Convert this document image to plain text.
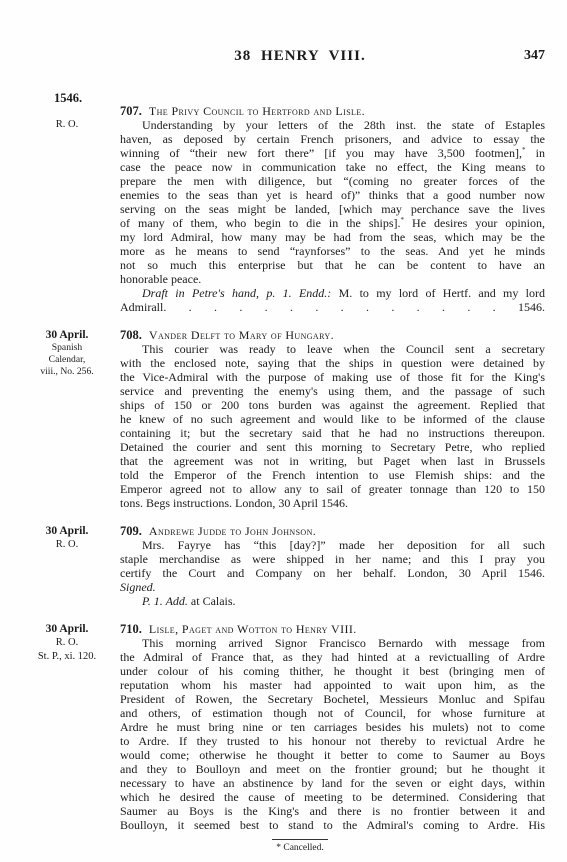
38 HENRY VIII.	347
1546.
R. O.
707. The Privy Council to Hertford and Lisle.
Understanding by your letters of the 28th inst. the state of Estaples
haven, as deposed by certain French prisoners, and advice to essay the
winning of “their new fort there” [if you may have 3,500 footmen],* in
case the peace now in communication take no effect, the King means to
prepare the men with diligence, but “(coming no greater forces of the
enemies to the seas than yet is heard of)” thinks that a good number now
serving on the seas might be landed, [which may perchance save the lives
of many of them, who begin to die in the ships].* He desires your opinion,
my lord Admiral, how many may be had from the seas, which may be the
more as he means to send “raynforses” to the seas. And yet he minds
not so much this enterprise but that he can be content to have an
honorable peace.
Draft in Petre's hand, p. 1. Endd.: M. to my lord of Hertf. and my lord
Admirall. . . . . . . . . . . . . . 1546.
30 April.
Spanish
Calendar,
viii., No. 256.
708. Vander Delft to Mary of Hungary.
This courier was ready to leave when the Council sent a secretary
with the enclosed note, saying that the ships in question were detained by
the Vice-Admiral with the purpose of making use of those fit for the King's
service and preventing the enemy's using them, and the passage of such
ships of 150 or 200 tons burden was against the agreement. Replied that
he knew of no such agreement and would like to be informed of the clause
containing it; but the secretary said that he had no instructions thereupon.
Detained the courier and sent this morning to Secretary Petre, who replied
that the agreement was not in writing, but Paget when last in Brussels
told the Emperor of the French intention to use Flemish ships: and the
Emperor agreed not to allow any to sail of greater tonnage than 120 to 150
tons. Begs instructions. London, 30 April 1546.
30 April.
R. O.
709. Andrewe Judde to John Johnson.
Mrs. Fayrye has “this [day?]” made her deposition for all such
staple merchandise as were shipped in her name; and this I pray you
certify the Court and Company on her behalf. London, 30 April 1546.
Signed.
P. 1. Add. at Calais.
30 April.
R. O.
St. P., xi. 120.
710. Lisle, Paget and Wotton to Henry VIII.
This morning arrived Signor Francisco Bernardo with message from
the Admiral of France that, as they had hinted at a revictualling of Ardre
under colour of his coming thither, he thought it best (bringing men of
reputation whom his master had appointed to wait upon him, as the
President of Rowen, the Secretary Bochetel, Messieurs Monluc and Spifau
and others, of estimation though not of Council, for whose furniture at
Ardre he must bring nine or ten carriages besides his mulets) not to come
to Ardre. If they trusted to his honour not thereby to revictual Ardre he
would come; otherwise he thought it better to come to Saumer au Boys
and they to Boulloyn and meet on the frontier ground; but he thought it
necessary to have an abstinence by land for the seven or eight days, within
which he desired the cause of meeting to be determined. Considering that
Saumer au Boys is the King's and there is no frontier between it and
Boulloyn, it seemed best to stand to the Admiral's coming to Ardre. His
* Cancelled.
